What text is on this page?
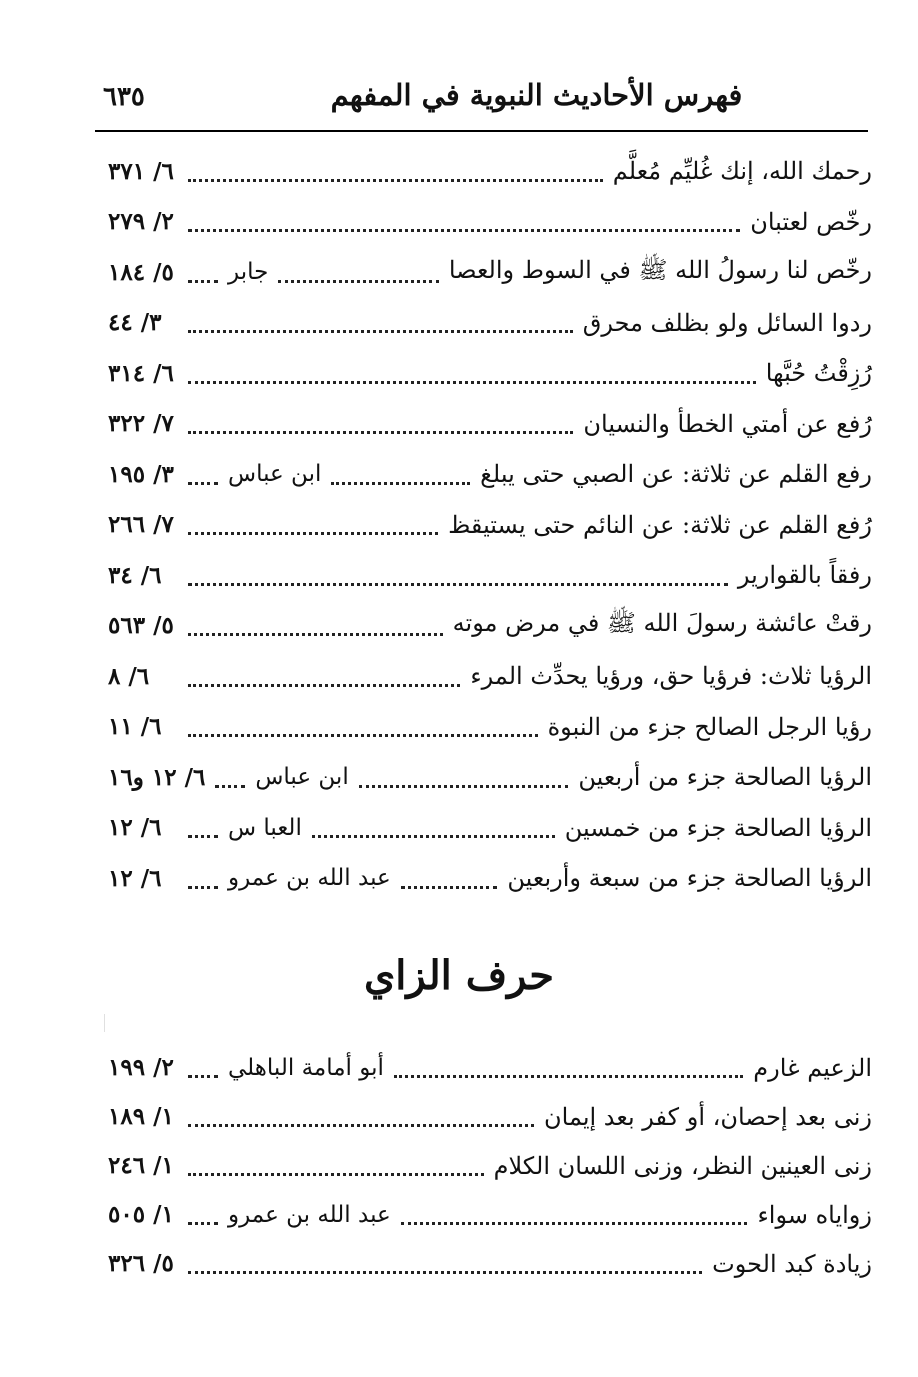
فهرس الأحاديث النبوية في المفهم
٦٣٥
رحمك الله، إنك غُليِّم مُعلَّم
٦/ ٣٧١
رخّص لعتبان
٢/ ٢٧٩
رخّص لنا رسولُ الله ﷺ في السوط والعصا
جابر
٥/ ١٨٤
ردوا السائل ولو بظلف محرق
٣/ ٤٤
رُزِقْتُ حُبَّها
٦/ ٣١٤
رُفع عن أمتي الخطأ والنسيان
٧/ ٣٢٢
رفع القلم عن ثلاثة: عن الصبي حتى يبلغ
ابن عباس
٣/ ١٩٥
رُفع القلم عن ثلاثة: عن النائم حتى يستيقظ
٧/ ٢٦٦
رفقاً بالقوارير
٦/ ٣٤
رقتْ عائشة رسولَ الله ﷺ في مرض موته
٥/ ٥٦٣
الرؤيا ثلاث: فرؤيا حق، ورؤيا يحدِّث المرء
٦/ ٨
رؤيا الرجل الصالح جزء من النبوة
٦/ ١١
الرؤيا الصالحة جزء من أربعين
ابن عباس
٦/ ١٢ و١٦
الرؤيا الصالحة جزء من خمسين
العبا س
٦/ ١٢
الرؤيا الصالحة جزء من سبعة وأربعين
عبد الله بن عمرو
٦/ ١٢
حرف الزاي
الزعيم غارم
أبو أمامة الباهلي
٢/ ١٩٩
زنى بعد إحصان، أو كفر بعد إيمان
١/ ١٨٩
زنى العينين النظر، وزنى اللسان الكلام
١/ ٢٤٦
زواياه سواء
عبد الله بن عمرو
١/ ٥٠٥
زيادة كبد الحوت
٥/ ٣٢٦
